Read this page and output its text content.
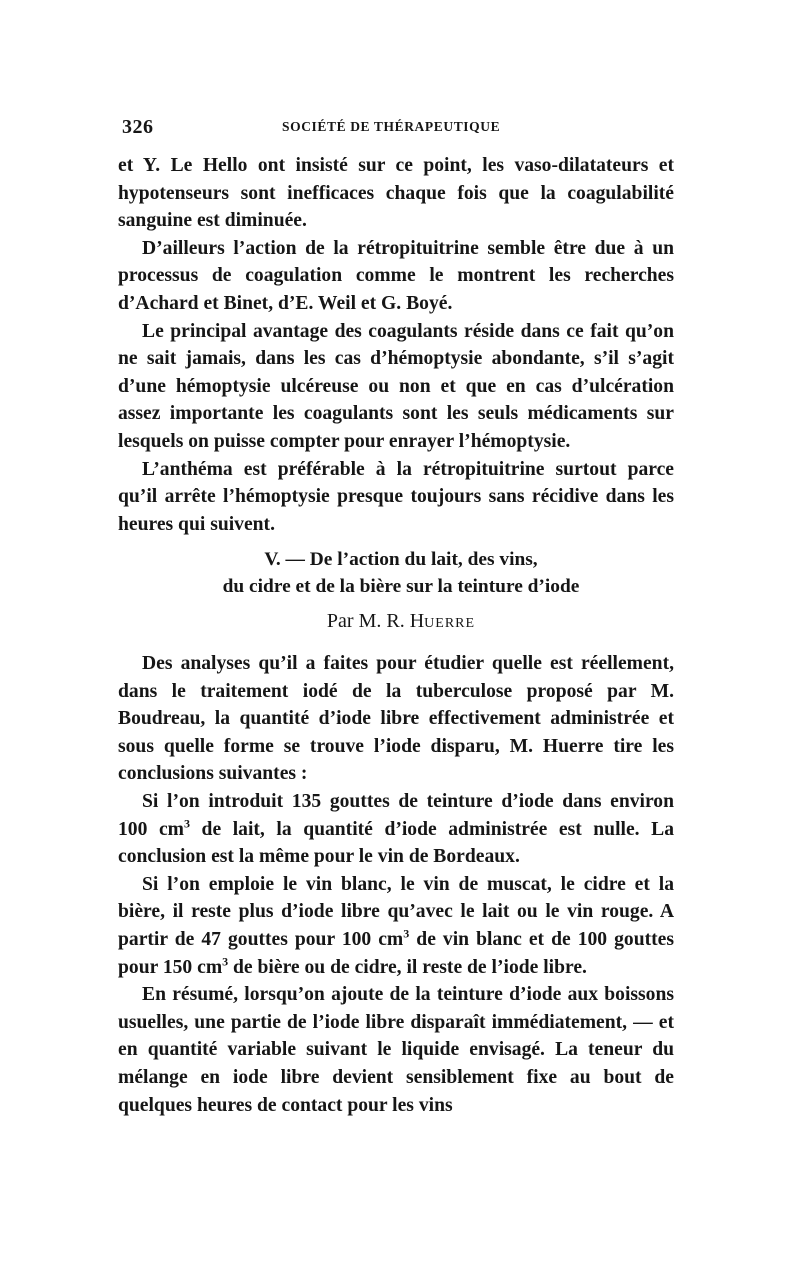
326	SOCIÉTÉ DE THÉRAPEUTIQUE

et Y. Le Hello ont insisté sur ce point, les vaso-dilatateurs et hypotenseurs sont inefficaces chaque fois que la coagulabilité sanguine est diminuée.

D’ailleurs l’action de la rétropituitrine semble être due à un processus de coagulation comme le montrent les recherches d’Achard et Binet, d’E. Weil et G. Boyé.

Le principal avantage des coagulants réside dans ce fait qu’on ne sait jamais, dans les cas d’hémoptysie abondante, s’il s’agit d’une hémoptysie ulcéreuse ou non et que en cas d’ulcération assez importante les coagulants sont les seuls médicaments sur lesquels on puisse compter pour enrayer l’hémoptysie.

L’anthéma est préférable à la rétropituitrine surtout parce qu’il arrête l’hémoptysie presque toujours sans récidive dans les heures qui suivent.

V. — De l’action du lait, des vins,
du cidre et de la bière sur la teinture d’iode
Par M. R. HUERRE

Des analyses qu’il a faites pour étudier quelle est réellement, dans le traitement iodé de la tuberculose proposé par M. Boudreau, la quantité d’iode libre effectivement administrée et sous quelle forme se trouve l’iode disparu, M. Huerre tire les conclusions suivantes :

Si l’on introduit 135 gouttes de teinture d’iode dans environ 100 $cm^3$ de lait, la quantité d’iode administrée est nulle. La conclusion est la même pour le vin de Bordeaux.

Si l’on emploie le vin blanc, le vin de muscat, le cidre et la bière, il reste plus d’iode libre qu’avec le lait ou le vin rouge. A partir de 47 gouttes pour 100 $cm^3$ de vin blanc et de 100 gouttes pour 150 $cm^3$ de bière ou de cidre, il reste de l’iode libre.

En résumé, lorsqu’on ajoute de la teinture d’iode aux boissons usuelles, une partie de l’iode libre disparaît immédiatement, — et en quantité variable suivant le liquide envisagé. La teneur du mélange en iode libre devient sensiblement fixe au bout de quelques heures de contact pour les vins
